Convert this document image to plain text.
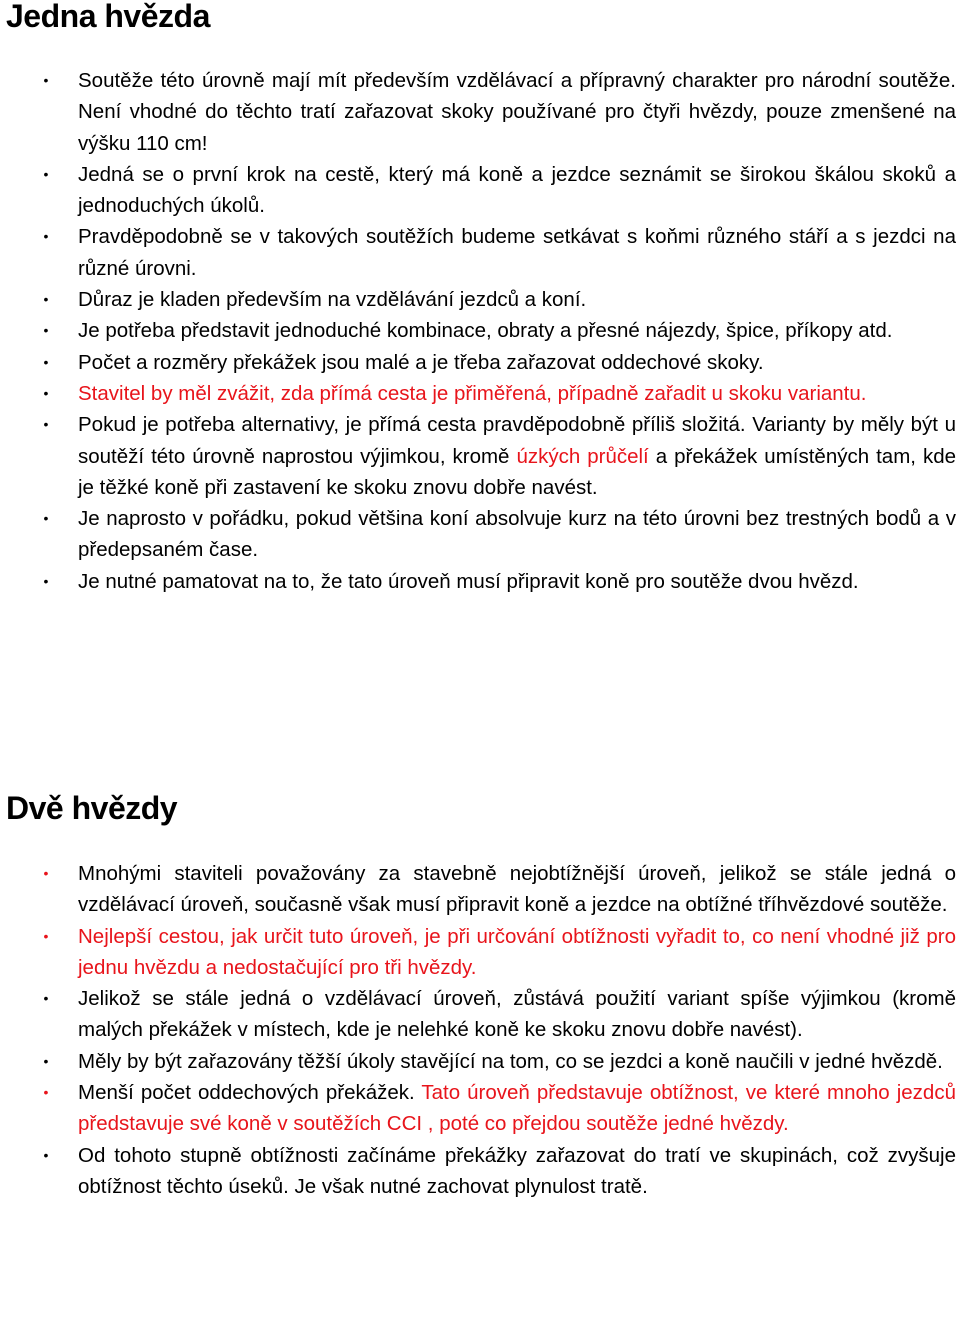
Jedna hvězda
• Soutěže této úrovně mají mít především vzdělávací a přípravný charakter pro národní soutěže. Není vhodné do těchto tratí zařazovat skoky používané pro čtyři hvězdy, pouze zmenšené na výšku 110 cm!
• Jedná se o první krok na cestě, který má koně a jezdce seznámit se širokou škálou skoků a jednoduchých úkolů.
• Pravděpodobně se v takových soutěžích budeme setkávat s koňmi různého stáří a s jezdci na různé úrovni.
• Důraz je kladen především na vzdělávání jezdců a koní.
• Je potřeba představit jednoduché kombinace, obraty a přesné nájezdy, špice, příkopy atd.
• Počet a rozměry překážek jsou malé a je třeba zařazovat oddechové skoky.
• Stavitel by měl zvážit, zda přímá cesta je přiměřená, případně zařadit u skoku variantu.
• Pokud je potřeba alternativy, je přímá cesta pravděpodobně příliš složitá. Varianty by měly být u soutěží této úrovně naprostou výjimkou, kromě úzkých průčelí a překážek umístěných tam, kde je těžké koně při zastavení ke skoku znovu dobře navést.
• Je naprosto v pořádku, pokud většina koní absolvuje kurz na této úrovni bez trestných bodů a v předepsaném čase.
• Je nutné pamatovat na to, že tato úroveň musí připravit koně pro soutěže dvou hvězd.
Dvě hvězdy
• Mnohými staviteli považovány za stavebně nejobtížnější úroveň, jelikož se stále jedná o vzdělávací úroveň, současně však musí připravit koně a jezdce na obtížné tříhvězdové soutěže.
• Nejlepší cestou, jak určit tuto úroveň, je při určování obtížnosti vyřadit to, co není vhodné již pro jednu hvězdu a nedostačující pro tři hvězdy.
• Jelikož se stále jedná o vzdělávací úroveň, zůstává použití variant spíše výjimkou (kromě malých překážek v místech, kde je nelehké koně ke skoku znovu dobře navést).
• Měly by být zařazovány těžší úkoly stavějící na tom, co se jezdci a koně naučili v jedné hvězdě.
• Menší počet oddechových překážek. Tato úroveň představuje obtížnost, ve které mnoho jezdců představuje své koně v soutěžích CCI , poté co přejdou soutěže jedné hvězdy.
• Od tohoto stupně obtížnosti začínáme překážky zařazovat do tratí ve skupinách, což zvyšuje obtížnost těchto úseků. Je však nutné zachovat plynulost tratě.
